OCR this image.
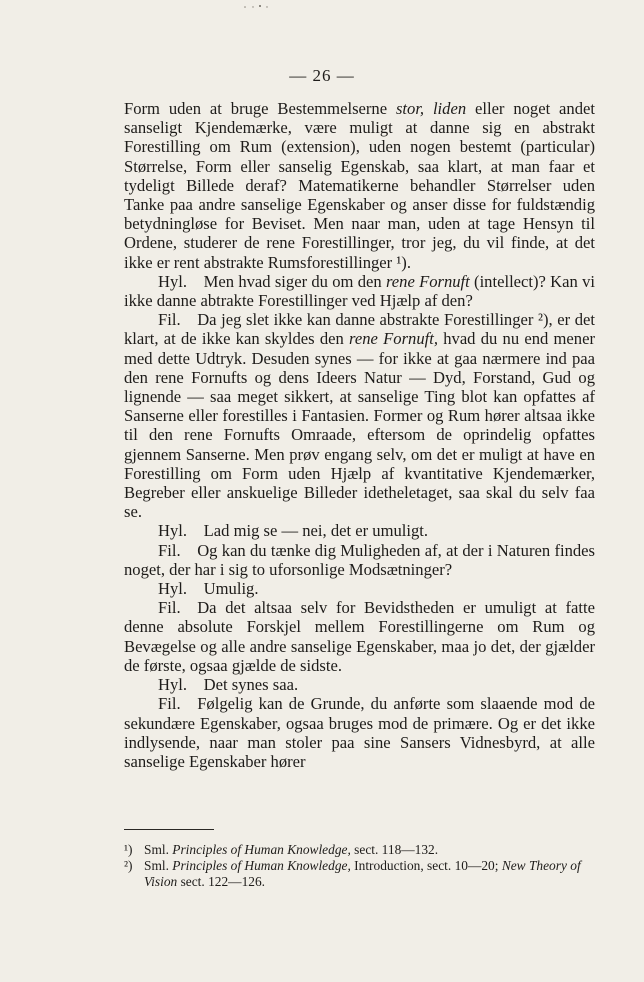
— 26 —

Form uden at bruge Bestemmelserne stor, liden eller noget andet sanseligt Kjendemærke, være muligt at danne sig en abstrakt Forestilling om Rum (extension), uden nogen bestemt (particular) Størrelse, Form eller sanselig Egenskab, saa klart, at man faar et tydeligt Billede deraf? Matematikerne behandler Størrelser uden Tanke paa andre sanselige Egenskaber og anser disse for fuldstændig betydningløse for Beviset. Men naar man, uden at tage Hensyn til Ordene, studerer de rene Forestillinger, tror jeg, du vil finde, at det ikke er rent abstrakte Rumsforestillinger ¹).

Hyl.  Men hvad siger du om den rene Fornuft (intellect)? Kan vi ikke danne abtrakte Forestillinger ved Hjælp af den?

Fil.  Da jeg slet ikke kan danne abstrakte Forestillinger ²), er det klart, at de ikke kan skyldes den rene Fornuft, hvad du nu end mener med dette Udtryk. Desuden synes — for ikke at gaa nærmere ind paa den rene Fornufts og dens Ideers Natur — Dyd, Forstand, Gud og lignende — saa meget sikkert, at sanselige Ting blot kan opfattes af Sanserne eller forestilles i Fantasien. Former og Rum hører altsaa ikke til den rene Fornufts Omraade, eftersom de oprindelig opfattes gjennem Sanserne. Men prøv engang selv, om det er muligt at have en Forestilling om Form uden Hjælp af kvantitative Kjendemærker, Begreber eller anskuelige Billeder idetheletaget, saa skal du selv faa se.

Hyl.  Lad mig se — nei, det er umuligt.

Fil.  Og kan du tænke dig Muligheden af, at der i Naturen findes noget, der har i sig to uforsonlige Modsætninger?

Hyl.  Umulig.

Fil.  Da det altsaa selv for Bevidstheden er umuligt at fatte denne absolute Forskjel mellem Forestillingerne om Rum og Bevægelse og alle andre sanselige Egenskaber, maa jo det, der gjælder de første, ogsaa gjælde de sidste.

Hyl.  Det synes saa.

Fil.  Følgelig kan de Grunde, du anførte som slaaende mod de sekundære Egenskaber, ogsaa bruges mod de primære. Og er det ikke indlysende, naar man stoler paa sine Sansers Vidnesbyrd, at alle sanselige Egenskaber hører

¹) Sml. Principles of Human Knowledge, sect. 118—132.
²) Sml. Principles of Human Knowledge, Introduction, sect. 10—20; New Theory of Vision sect. 122—126.
